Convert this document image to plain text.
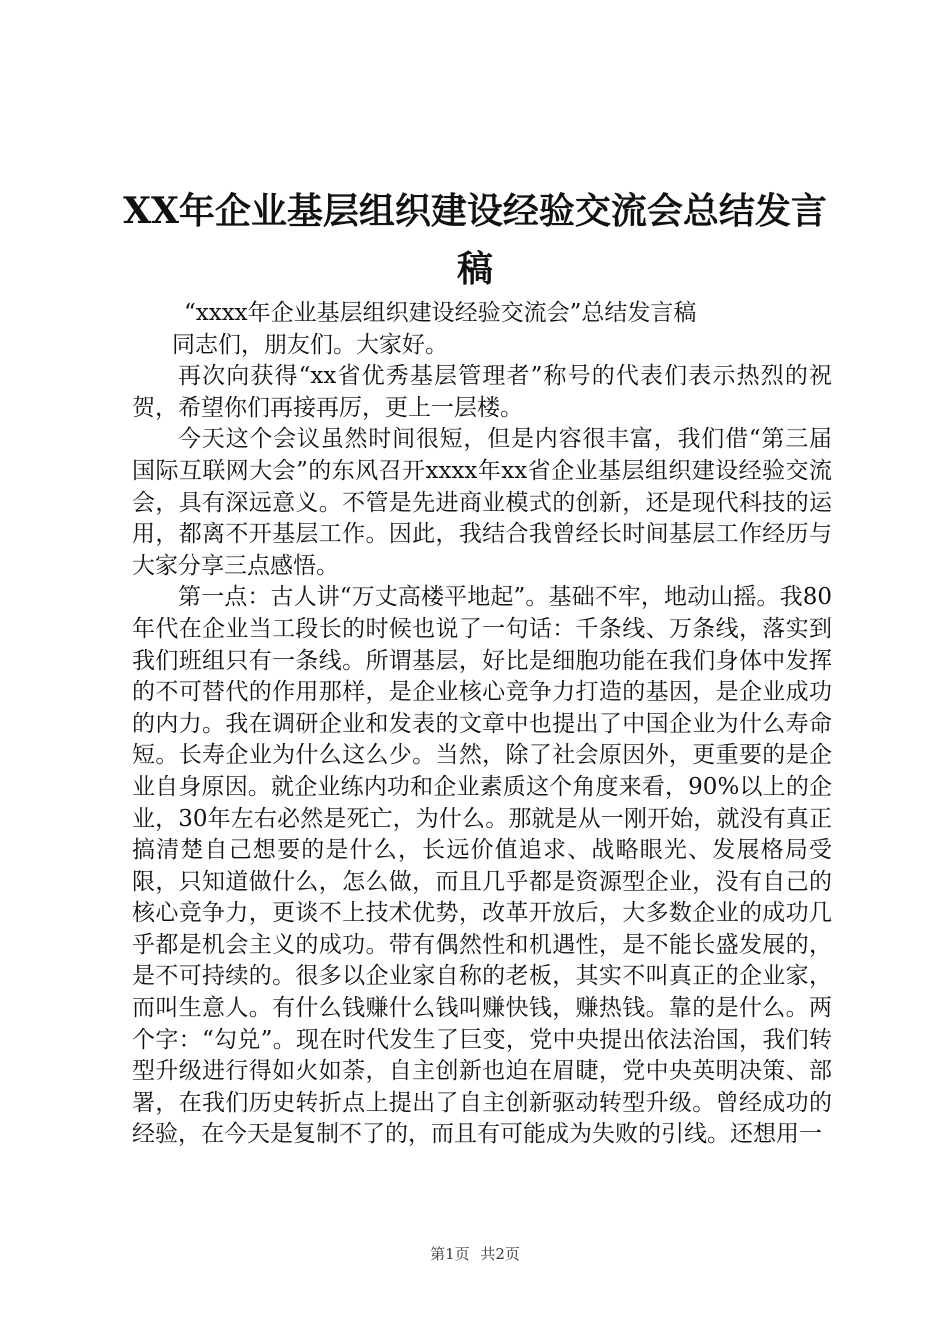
XX年企业基层组织建设经验交流会总结发言稿

“xxxx年企业基层组织建设经验交流会”总结发言稿

同志们，朋友们。大家好。

再次向获得“xx省优秀基层管理者”称号的代表们表示热烈的祝贺，希望你们再接再厉，更上一层楼。

今天这个会议虽然时间很短，但是内容很丰富，我们借“第三届国际互联网大会”的东风召开xxxx年xx省企业基层组织建设经验交流会，具有深远意义。不管是先进商业模式的创新，还是现代科技的运用，都离不开基层工作。因此，我结合我曾经长时间基层工作经历与大家分享三点感悟。

第一点：古人讲“万丈高楼平地起”。基础不牢，地动山摇。我80年代在企业当工段长的时候也说了一句话：千条线、万条线，落实到我们班组只有一条线。所谓基层，好比是细胞功能在我们身体中发挥的不可替代的作用那样，是企业核心竞争力打造的基因，是企业成功的内力。我在调研企业和发表的文章中也提出了中国企业为什么寿命短。长寿企业为什么这么少。当然，除了社会原因外，更重要的是企业自身原因。就企业练内功和企业素质这个角度来看，90%以上的企业，30年左右必然是死亡，为什么。那就是从一刚开始，就没有真正搞清楚自己想要的是什么，长远价值追求、战略眼光、发展格局受限，只知道做什么，怎么做，而且几乎都是资源型企业，没有自己的核心竞争力，更谈不上技术优势，改革开放后，大多数企业的成功几乎都是机会主义的成功。带有偶然性和机遇性，是不能长盛发展的，是不可持续的。很多以企业家自称的老板，其实不叫真正的企业家，而叫生意人。有什么钱赚什么钱叫赚快钱，赚热钱。靠的是什么。两个字：“勾兑”。现在时代发生了巨变，党中央提出依法治国，我们转型升级进行得如火如荼，自主创新也迫在眉睫，党中央英明决策、部署，在我们历史转折点上提出了自主创新驱动转型升级。曾经成功的经验，在今天是复制不了的，而且有可能成为失败的引线。还想用一

第1页 共2页
